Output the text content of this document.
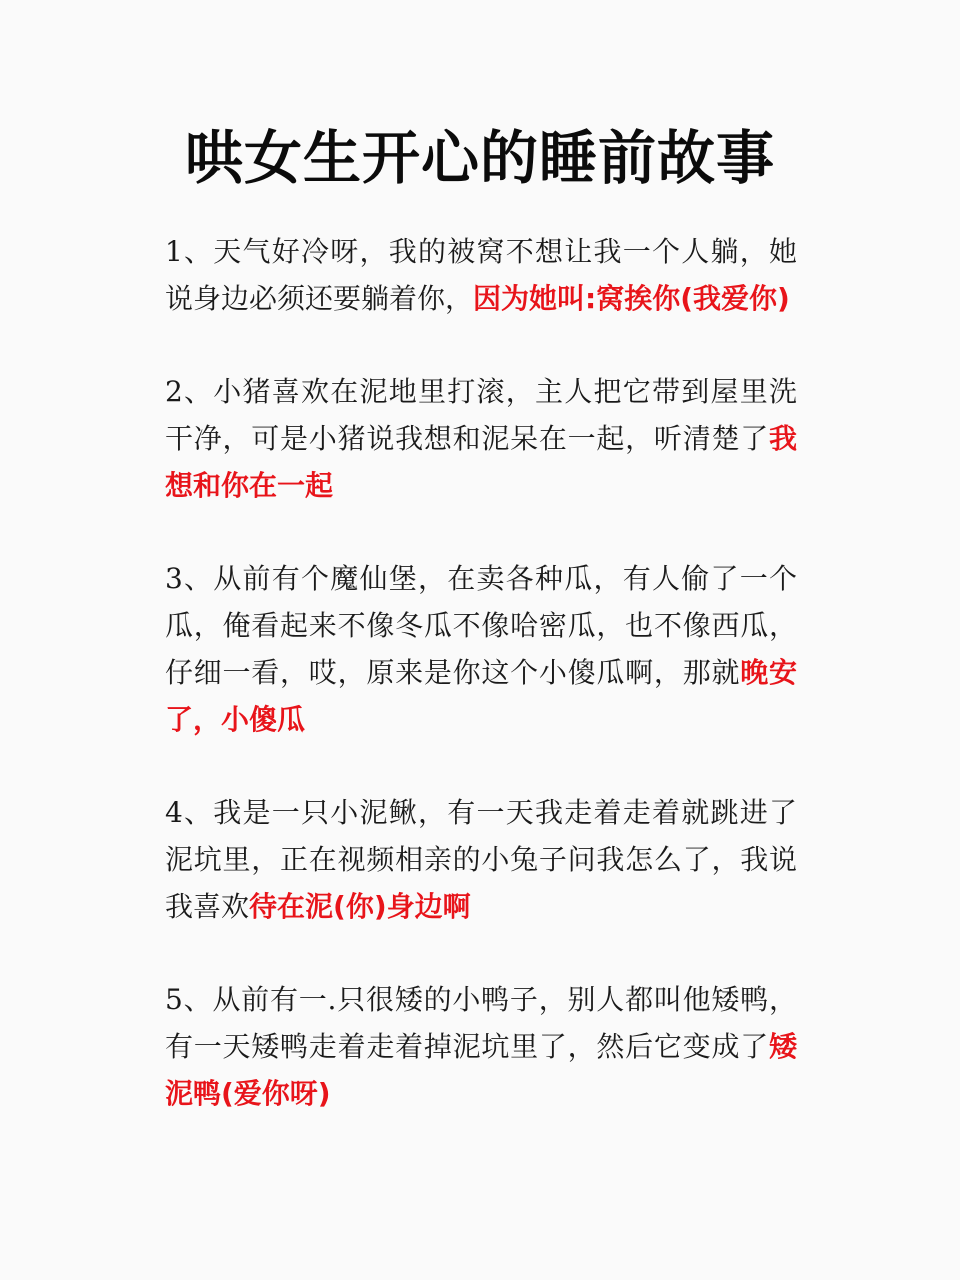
哄女生开心的睡前故事
1、天气好冷呀，我的被窝不想让我一个人躺，她说身边必须还要躺着你，因为她叫:窝挨你(我爱你)
2、小猪喜欢在泥地里打滚，主人把它带到屋里洗干净，可是小猪说我想和泥呆在一起，听清楚了我想和你在一起
3、从前有个魔仙堡，在卖各种瓜，有人偷了一个瓜，俺看起来不像冬瓜不像哈密瓜，也不像西瓜，仔细一看，哎，原来是你这个小傻瓜啊，那就晚安了，小傻瓜
4、我是一只小泥鳅，有一天我走着走着就跳进了泥坑里，正在视频相亲的小兔子问我怎么了，我说我喜欢待在泥(你)身边啊
5、从前有一.只很矮的小鸭子，别人都叫他矮鸭，有一天矮鸭走着走着掉泥坑里了，然后它变成了矮泥鸭(爱你呀)
